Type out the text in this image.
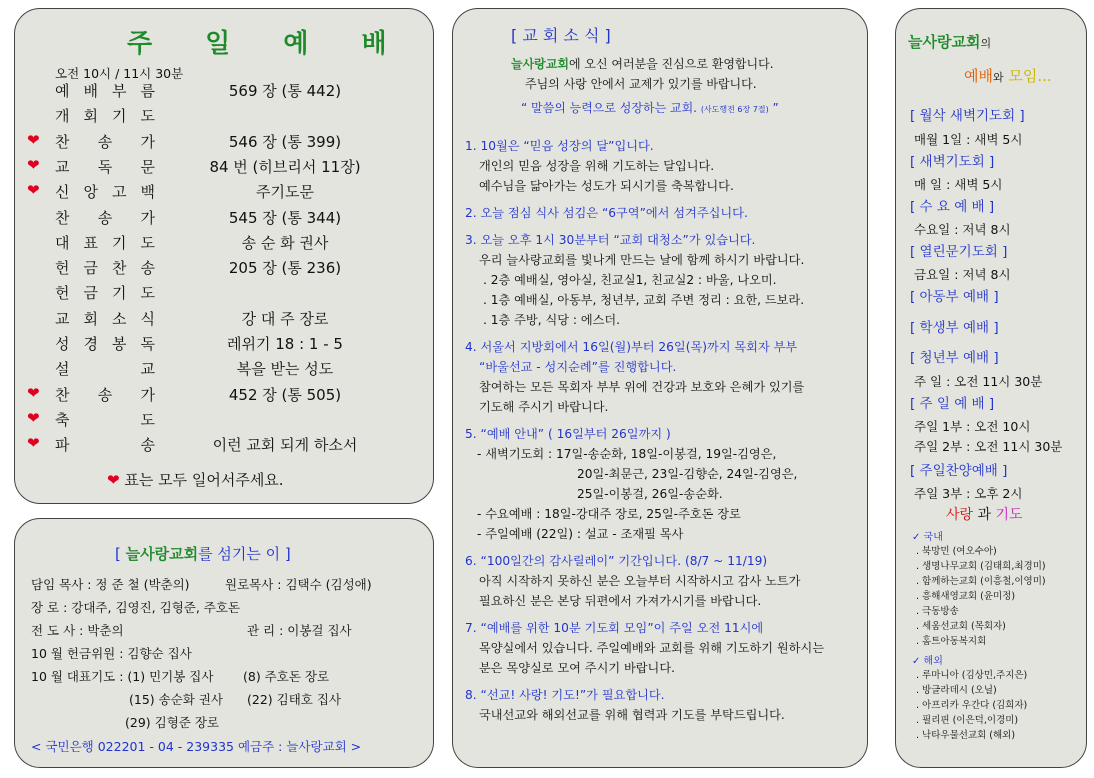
주 일 예 배
오전 10시 / 11시 30분
예 배 부 름	569 장 (통 442)
개 회 기 도
❤ 찬 송 가	546 장 (통 399)
❤ 교 독 문	84 번 (히브리서 11장)
❤ 신 앙 고 백	주기도문
찬 송 가	545 장 (통 344)
대 표 기 도	송 순 화 권사
헌 금 찬 송	205 장 (통 236)
헌 금 기 도
교 회 소 식	강 대 주 장로
성 경 봉 독	레위기 18 : 1 - 5
설 교	복을 받는 성도
❤ 찬 송 가	452 장 (통 505)
❤ 축 도
❤ 파 송	이런 교회 되게 하소서
❤ 표는 모두 일어서주세요.
[ 늘사랑교회를 섬기는 이 ]
담임 목사 : 정 준 철 (박춘의)	원로목사 : 김택수 (김성애)
장 로 : 강대주, 김영진, 김형준, 주호돈
전 도 사 : 박춘의	관 리 : 이봉걸 집사
10 월 헌금위원 : 김향순 집사
10 월 대표기도 : (1) 민기봉 집사 (8) 주호돈 장로
(15) 송순화 권사 (22) 김태호 집사
(29) 김형준 장로
< 국민은행 022201 - 04 - 239335 예금주 : 늘사랑교회 >
[ 교 회 소 식 ]
늘사랑교회에 오신 여러분을 진심으로 환영합니다.
주님의 사랑 안에서 교제가 있기를 바랍니다.
“ 말씀의 능력으로 성장하는 교회. (사도행전 6장 7절) ”
1. 10월은 “믿음 성장의 달”입니다.
개인의 믿음 성장을 위해 기도하는 달입니다.
예수님을 닮아가는 성도가 되시기를 축복합니다.
2. 오늘 점심 식사 섬김은 “6구역”에서 섬겨주십니다.
3. 오늘 오후 1시 30분부터 “교회 대청소”가 있습니다.
우리 늘사랑교회를 빛나게 만드는 날에 함께 하시기 바랍니다.
. 2층 예배실, 영아실, 친교실1, 친교실2 : 바울, 나오미.
. 1층 예배실, 아동부, 청년부, 교회 주변 정리 : 요한, 드보라.
. 1층 주방, 식당 : 에스더.
4. 서울서 지방회에서 16일(월)부터 26일(목)까지 목회자 부부
“바울선교 - 성지순례”를 진행합니다.
참여하는 모든 목회자 부부 위에 건강과 보호와 은혜가 있기를
기도해 주시기 바랍니다.
5. “예배 안내” ( 16일부터 26일까지 )
- 새벽기도회 : 17일-송순화, 18일-이봉걸, 19일-김영은,
20일-최문근, 23일-김향순, 24일-김영은,
25일-이봉걸, 26일-송순화.
- 수요예배 : 18일-강대주 장로, 25일-주호돈 장로
- 주일예배 (22일) : 설교 - 조재필 목사
6. “100일간의 감사릴레이” 기간입니다. (8/7 ~ 11/19)
아직 시작하지 못하신 분은 오늘부터 시작하시고 감사 노트가
필요하신 분은 본당 뒤편에서 가져가시기를 바랍니다.
7. “예배를 위한 10분 기도회 모임”이 주일 오전 11시에
목양실에서 있습니다. 주일예배와 교회를 위해 기도하기 원하시는
분은 목양실로 모여 주시기 바랍니다.
8. “선교! 사랑! 기도!”가 필요합니다.
국내선교와 해외선교를 위해 협력과 기도를 부탁드립니다.
늘사랑교회의
예배와 모임...
[ 월삭 새벽기도회 ]
매월 1일 : 새벽 5시
[ 새벽기도회 ]
매 일 : 새벽 5시
[ 수 요 예 배 ]
수요일 : 저녁 8시
[ 열린문기도회 ]
금요일 : 저녁 8시
[ 아동부 예배 ]
[ 학생부 예배 ]
[ 청년부 예배 ]
주 일 : 오전 11시 30분
[ 주 일 예 배 ]
주일 1부 : 오전 10시
주일 2부 : 오전 11시 30분
[ 주일찬양예배 ]
주일 3부 : 오후 2시
사랑 과 기도
✓ 국내
. 북망민 (여오수아)
. 생명나무교회 (김태희,최경미)
. 함께하는교회 (이흥철,이영미)
. 흥해새영교회 (윤미정)
. 극동방송
. 세움선교회 (목회자)
. 홈트아동복지회
✓ 해외
. 루마니아 (김상민,주지은)
. 방글라데시 (오닐)
. 아프리카 우간다 (김희자)
. 필리핀 (이은덕,이경미)
. 낙타우물선교회 (해외)
